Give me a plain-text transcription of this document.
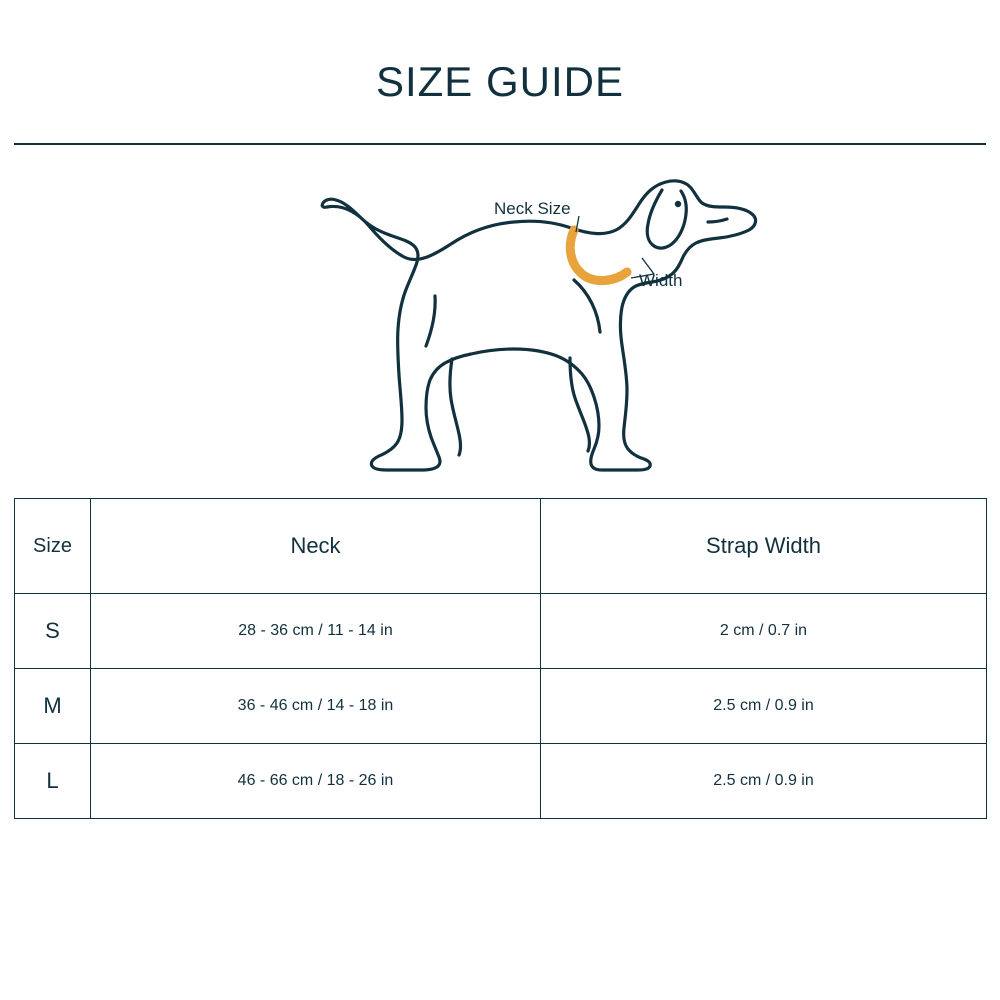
SIZE GUIDE
Neck Size
Width
Size	Neck	Strap Width
S	28 - 36 cm / 11 - 14 in	2 cm / 0.7 in
M	36 - 46 cm / 14 - 18 in	2.5 cm / 0.9 in
L	46 - 66 cm / 18 - 26 in	2.5 cm / 0.9 in
